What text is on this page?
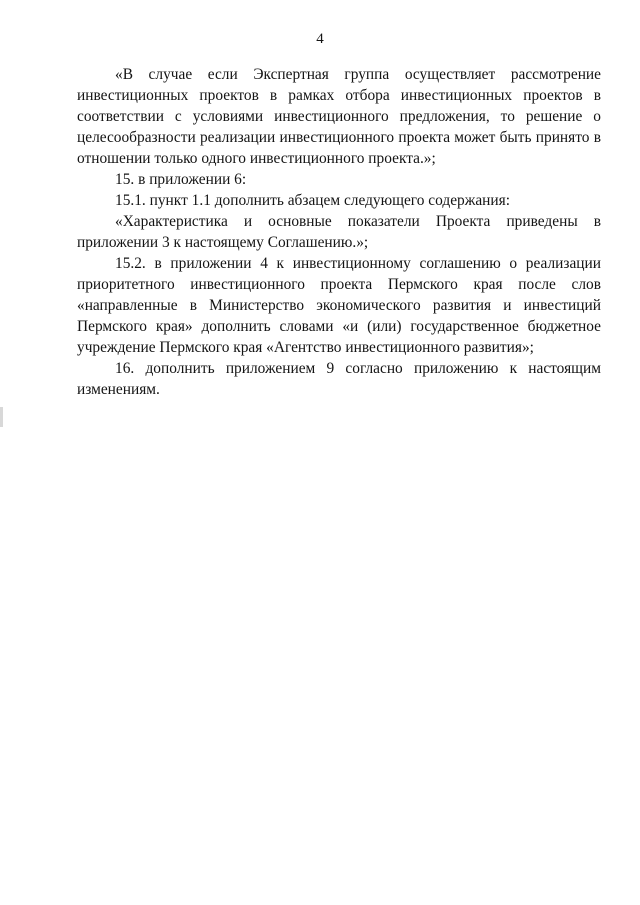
4

«В случае если Экспертная группа осуществляет рассмотрение инвестиционных проектов в рамках отбора инвестиционных проектов в соответствии с условиями инвестиционного предложения, то решение о целесообразности реализации инвестиционного проекта может быть принято в отношении только одного инвестиционного проекта.»;

15. в приложении 6:

15.1. пункт 1.1 дополнить абзацем следующего содержания:

«Характеристика и основные показатели Проекта приведены в приложении 3 к настоящему Соглашению.»;

15.2. в приложении 4 к инвестиционному соглашению о реализации приоритетного инвестиционного проекта Пермского края после слов «направленные в Министерство экономического развития и инвестиций Пермского края» дополнить словами «и (или) государственное бюджетное учреждение Пермского края «Агентство инвестиционного развития»;

16. дополнить приложением 9 согласно приложению к настоящим изменениям.
